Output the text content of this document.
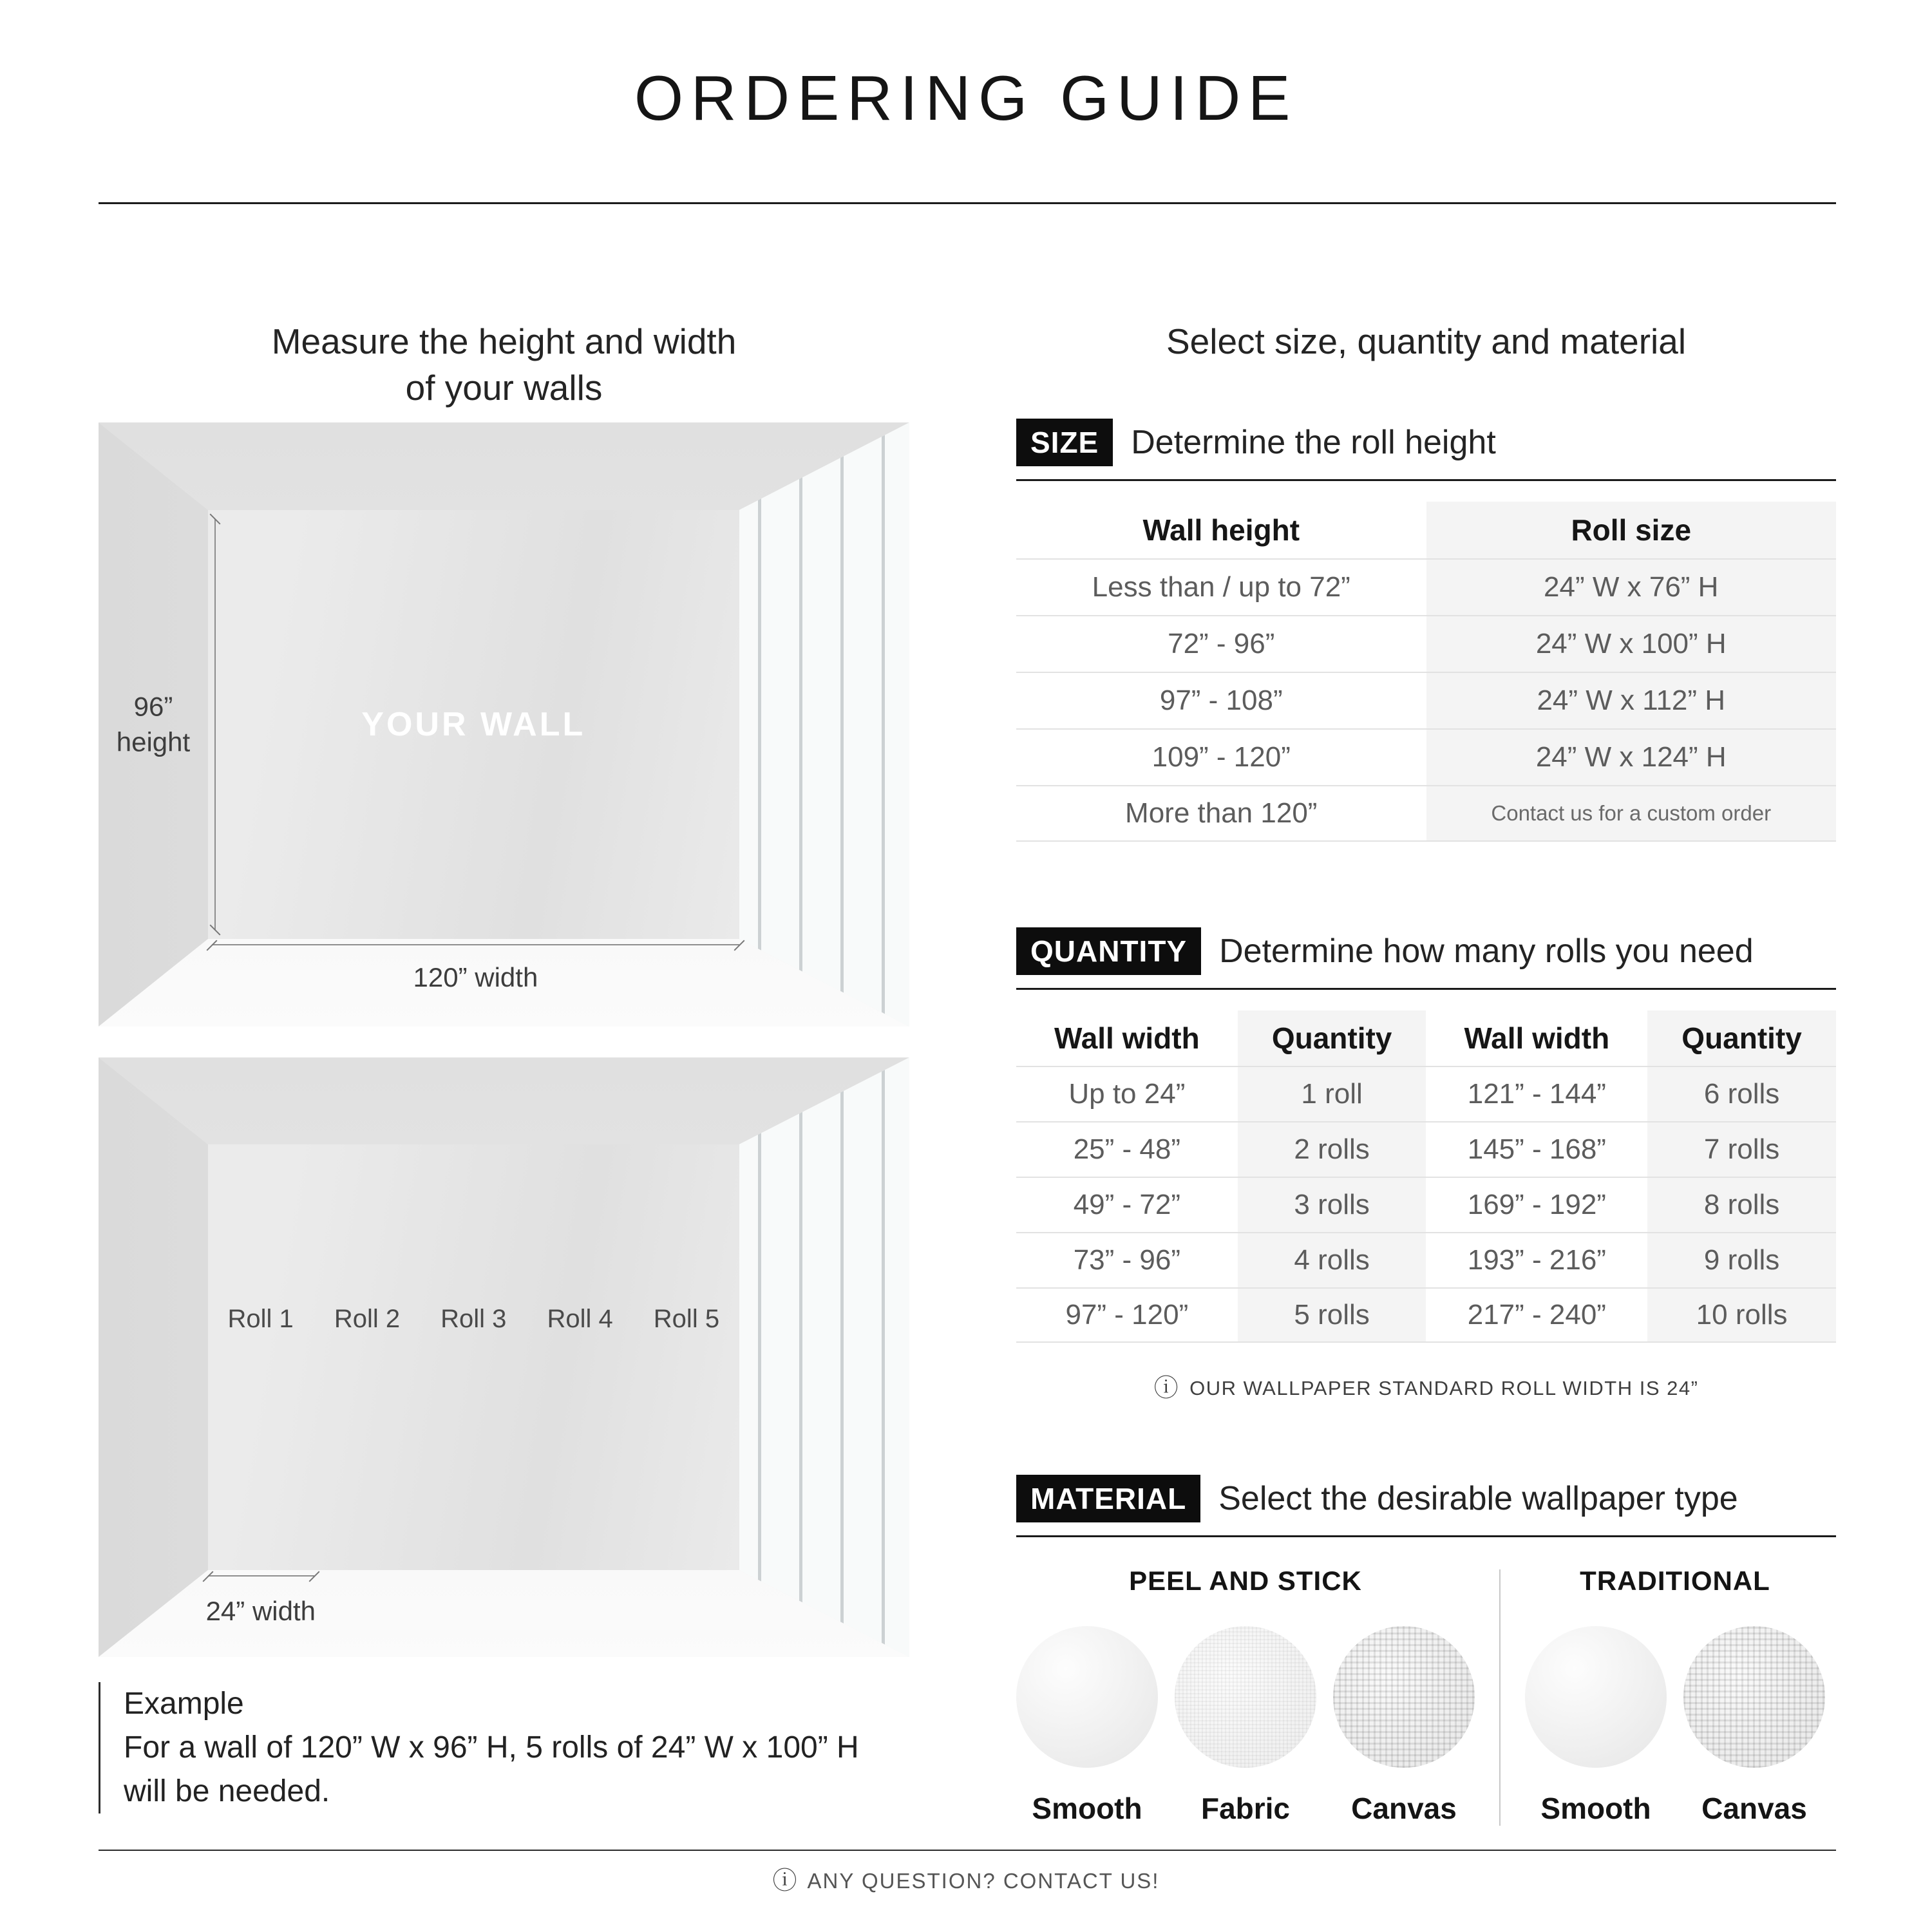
ORDERING GUIDE
Measure the height and width
of your walls
YOUR WALL
96”
height
120” width
Roll 1	Roll 2	Roll 3	Roll 4	Roll 5
24” width
Example
For a wall of 120” W x 96” H, 5 rolls of 24” W x 100” H
will be needed.
Select size, quantity and material
SIZE Determine the roll height
Wall height	Roll size
Less than / up to 72”	24” W x 76” H
72” - 96”	24” W x 100” H
97” - 108”	24” W x 112” H
109” - 120”	24” W x 124” H
More than 120”	Contact us for a custom order
QUANTITY Determine how many rolls you need
Wall width	Quantity	Wall width	Quantity
Up to 24”	1 roll	121” - 144”	6 rolls
25” - 48”	2 rolls	145” - 168”	7 rolls
49” - 72”	3 rolls	169” - 192”	8 rolls
73” - 96”	4 rolls	193” - 216”	9 rolls
97” - 120”	5 rolls	217” - 240”	10 rolls
ⓘ OUR WALLPAPER STANDARD ROLL WIDTH IS 24”
MATERIAL Select the desirable wallpaper type
PEEL AND STICK
Smooth Fabric Canvas
TRADITIONAL
Smooth Canvas
ⓘ ANY QUESTION? CONTACT US!
